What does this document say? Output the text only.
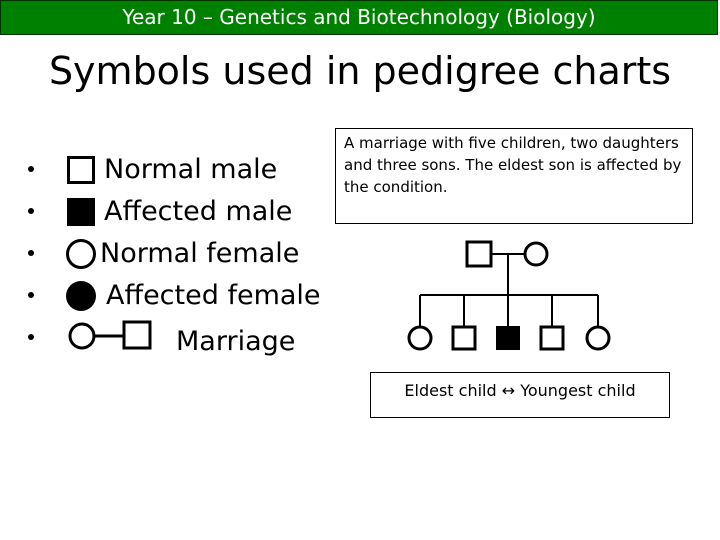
Year 10 – Genetics and Biotechnology (Biology)
Symbols used in pedigree charts
Normal male
Affected male
Normal female
Affected female
Marriage
A marriage with five children, two daughters and three sons. The eldest son is affected by the condition.
Eldest child ↔ Youngest child
